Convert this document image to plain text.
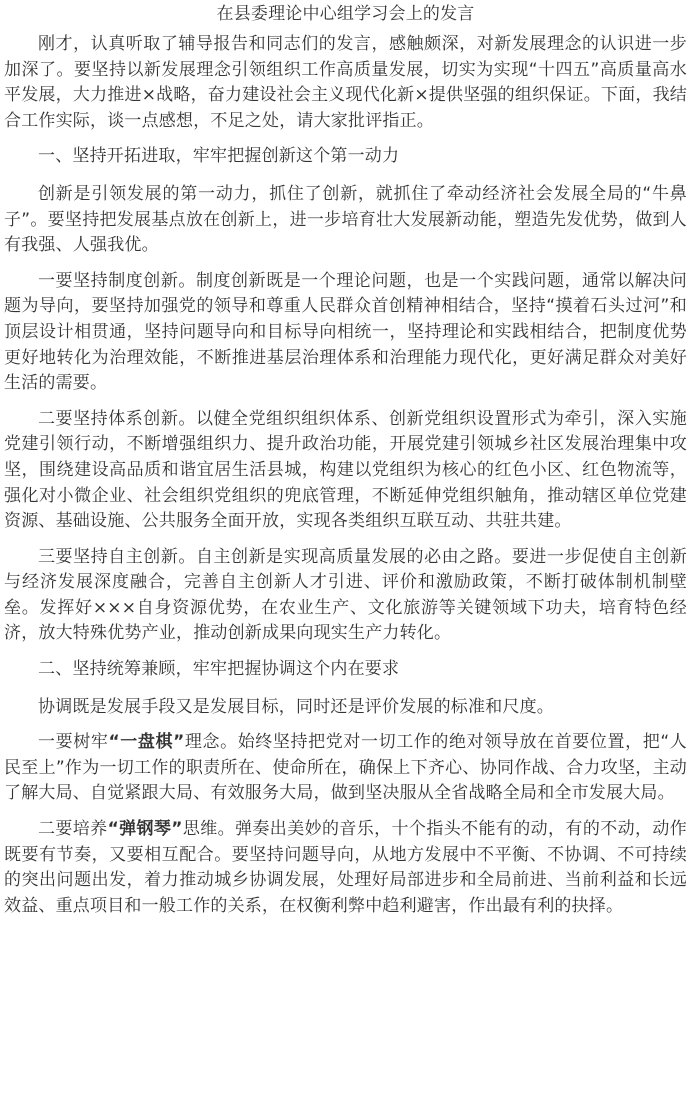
在县委理论中心组学习会上的发言

刚才，认真听取了辅导报告和同志们的发言，感触颇深，对新发展理念的认识进一步加深了。要坚持以新发展理念引领组织工作高质量发展，切实为实现“十四五”高质量高水平发展，大力推进×战略，奋力建设社会主义现代化新×提供坚强的组织保证。下面，我结合工作实际，谈一点感想，不足之处，请大家批评指正。

一、坚持开拓进取，牢牢把握创新这个第一动力

创新是引领发展的第一动力，抓住了创新，就抓住了牵动经济社会发展全局的“牛鼻子”。要坚持把发展基点放在创新上，进一步培育壮大发展新动能，塑造先发优势，做到人有我强、人强我优。

一要坚持制度创新。制度创新既是一个理论问题，也是一个实践问题，通常以解决问题为导向，要坚持加强党的领导和尊重人民群众首创精神相结合，坚持“摸着石头过河”和顶层设计相贯通，坚持问题导向和目标导向相统一，坚持理论和实践相结合，把制度优势更好地转化为治理效能，不断推进基层治理体系和治理能力现代化，更好满足群众对美好生活的需要。

二要坚持体系创新。以健全党组织组织体系、创新党组织设置形式为牵引，深入实施党建引领行动，不断增强组织力、提升政治功能，开展党建引领城乡社区发展治理集中攻坚，围绕建设高品质和谐宜居生活县城，构建以党组织为核心的红色小区、红色物流等，强化对小微企业、社会组织党组织的兜底管理，不断延伸党组织触角，推动辖区单位党建资源、基础设施、公共服务全面开放，实现各类组织互联互动、共驻共建。

三要坚持自主创新。自主创新是实现高质量发展的必由之路。要进一步促使自主创新与经济发展深度融合，完善自主创新人才引进、评价和激励政策，不断打破体制机制壁垒。发挥好×××自身资源优势，在农业生产、文化旅游等关键领域下功夫，培育特色经济，放大特殊优势产业，推动创新成果向现实生产力转化。

二、坚持统筹兼顾，牢牢把握协调这个内在要求

协调既是发展手段又是发展目标，同时还是评价发展的标准和尺度。

一要树牢“一盘棋”理念。始终坚持把党对一切工作的绝对领导放在首要位置，把“人民至上”作为一切工作的职责所在、使命所在，确保上下齐心、协同作战、合力攻坚，主动了解大局、自觉紧跟大局、有效服务大局，做到坚决服从全省战略全局和全市发展大局。

二要培养“弹钢琴”思维。弹奏出美妙的音乐，十个指头不能有的动，有的不动，动作既要有节奏，又要相互配合。要坚持问题导向，从地方发展中不平衡、不协调、不可持续的突出问题出发，着力推动城乡协调发展，处理好局部进步和全局前进、当前利益和长远效益、重点项目和一般工作的关系，在权衡利弊中趋利避害，作出最有利的抉择。
